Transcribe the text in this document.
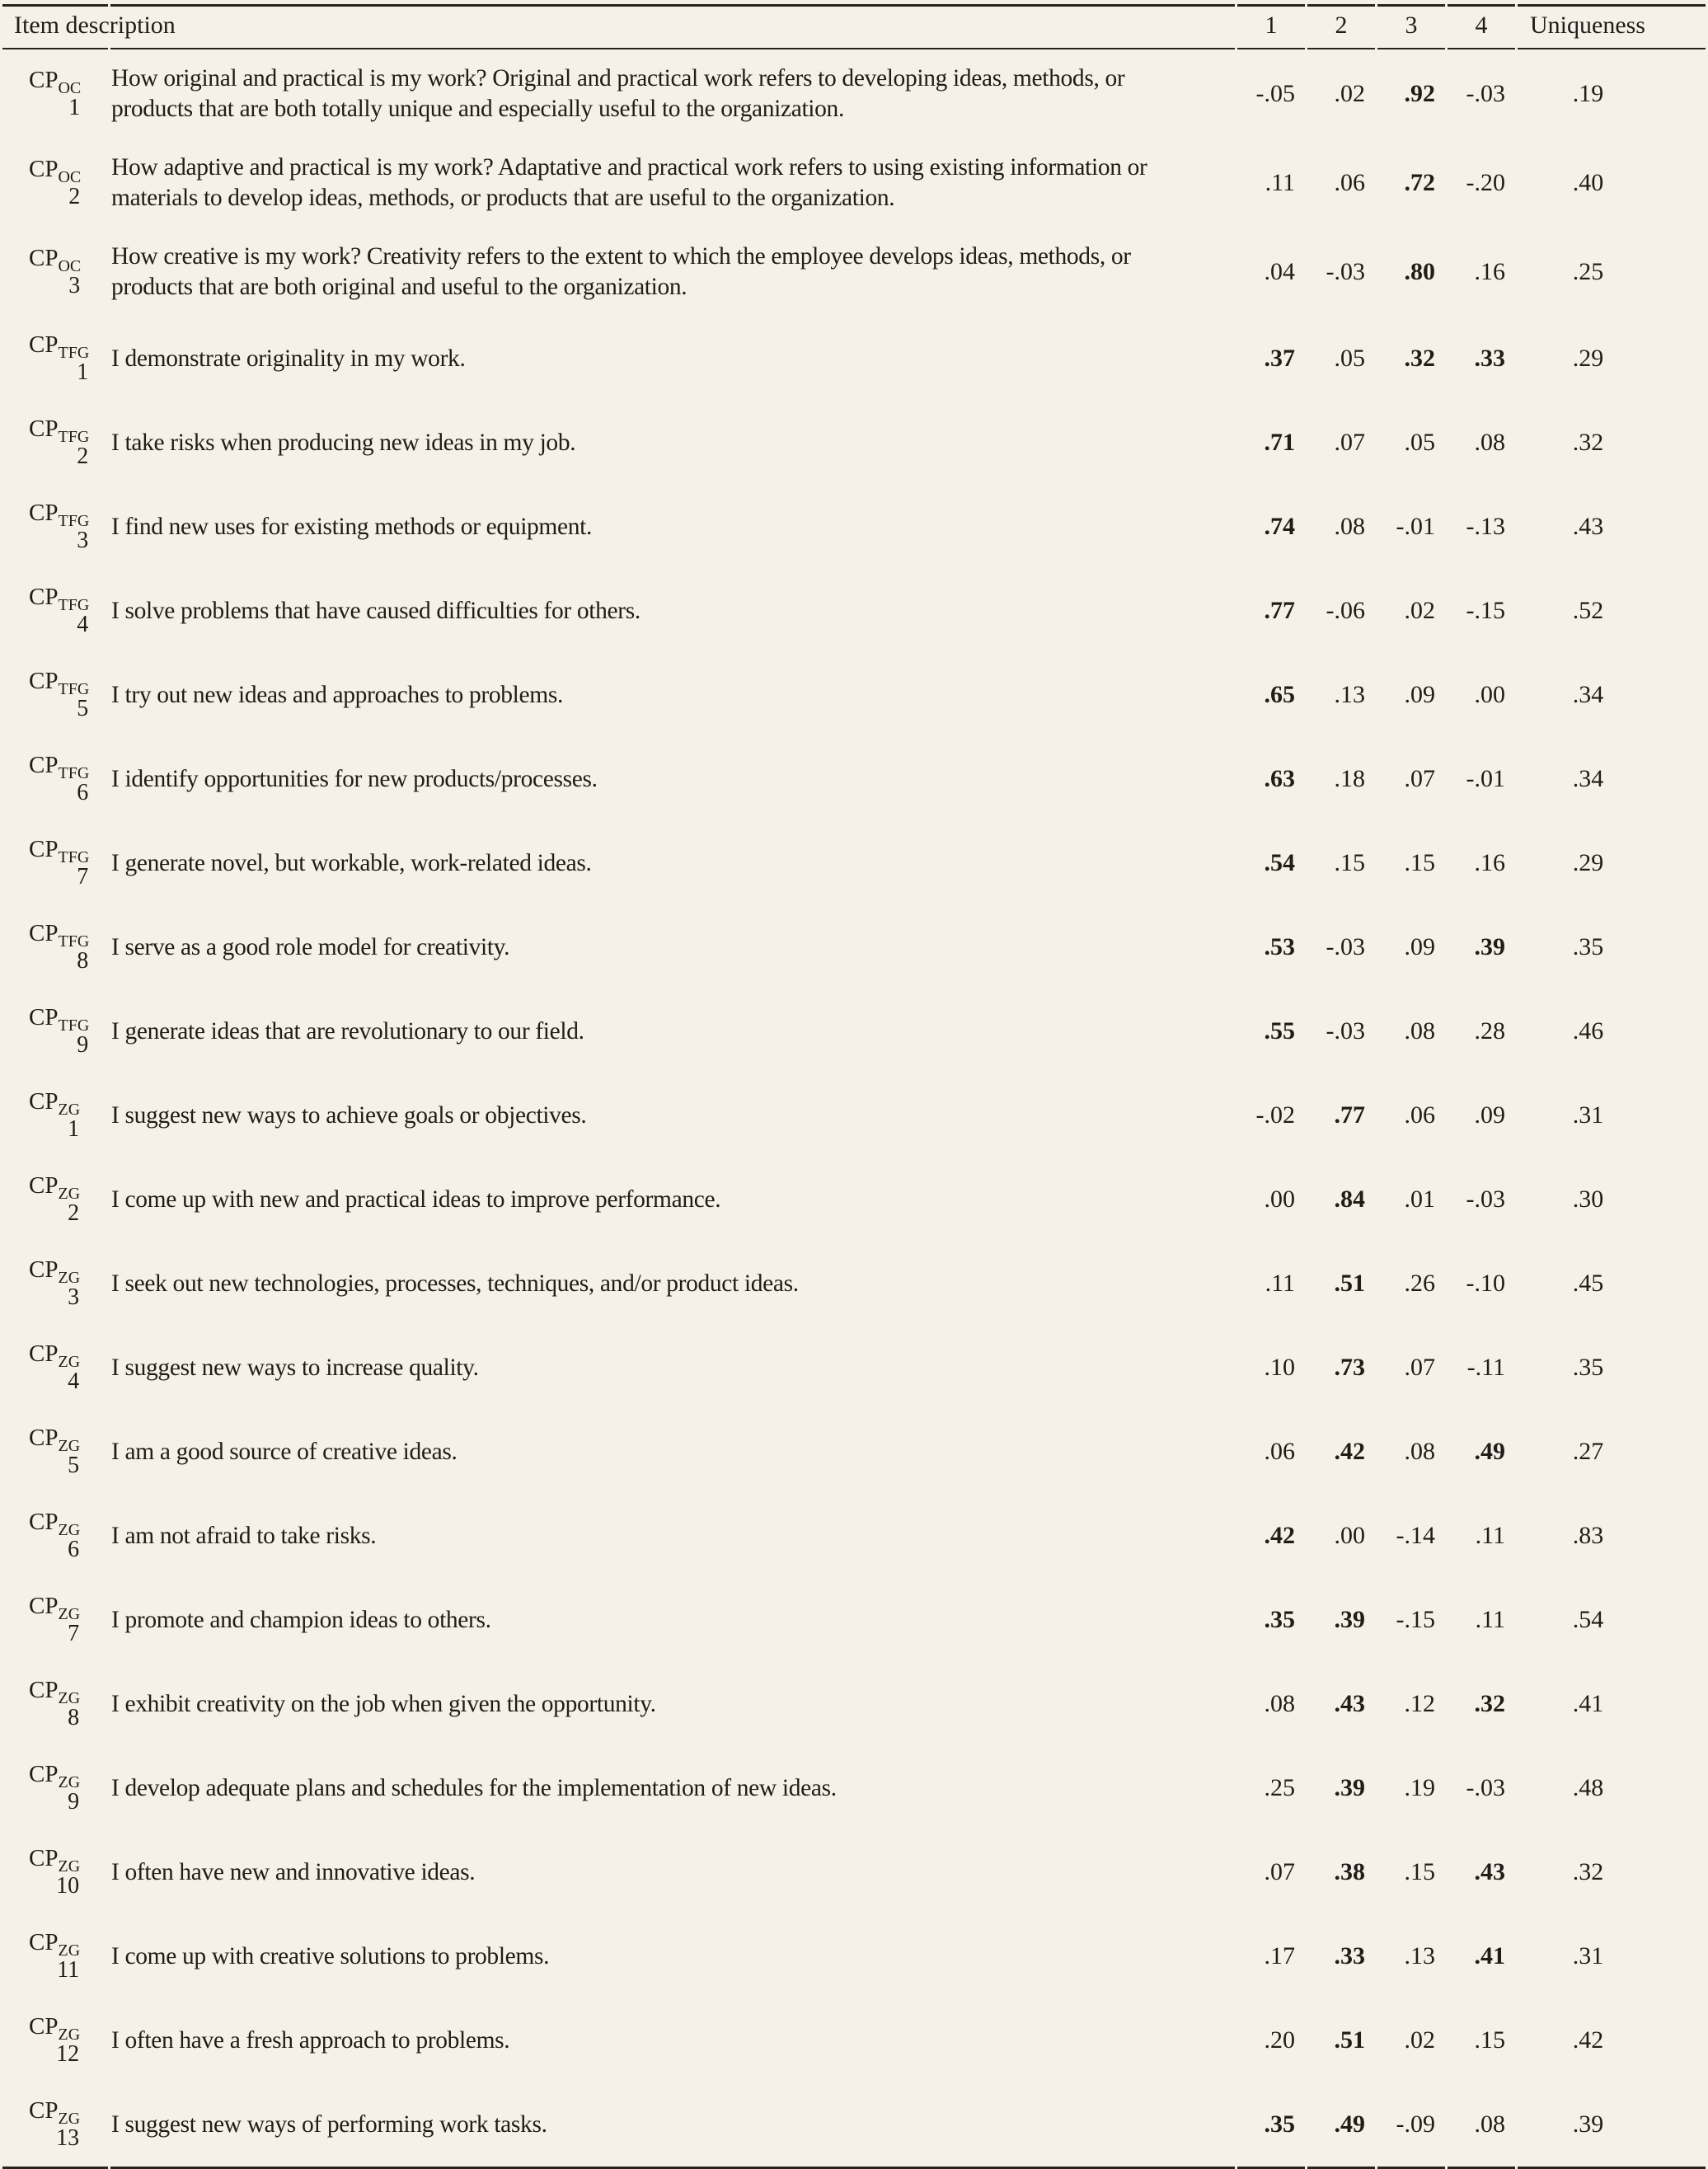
Item description		1	2	3	4	Uniqueness
$CP_{OC}$
1	How original and practical is my work? Original and practical work refers to developing ideas, methods, or products that are both totally unique and especially useful to the organization.	-.05	.02	.92	-.03	.19
$CP_{OC}$
2	How adaptive and practical is my work? Adaptative and practical work refers to using existing information or materials to develop ideas, methods, or products that are useful to the organization.	.11	.06	.72	-.20	.40
$CP_{OC}$
3	How creative is my work? Creativity refers to the extent to which the employee develops ideas, methods, or products that are both original and useful to the organization.	.04	-.03	.80	.16	.25
$CP_{TFG}$
1	I demonstrate originality in my work.	.37	.05	.32	.33	.29
$CP_{TFG}$
2	I take risks when producing new ideas in my job.	.71	.07	.05	.08	.32
$CP_{TFG}$
3	I find new uses for existing methods or equipment.	.74	.08	-.01	-.13	.43
$CP_{TFG}$
4	I solve problems that have caused difficulties for others.	.77	-.06	.02	-.15	.52
$CP_{TFG}$
5	I try out new ideas and approaches to problems.	.65	.13	.09	.00	.34
$CP_{TFG}$
6	I identify opportunities for new products/processes.	.63	.18	.07	-.01	.34
$CP_{TFG}$
7	I generate novel, but workable, work-related ideas.	.54	.15	.15	.16	.29
$CP_{TFG}$
8	I serve as a good role model for creativity.	.53	-.03	.09	.39	.35
$CP_{TFG}$
9	I generate ideas that are revolutionary to our field.	.55	-.03	.08	.28	.46
$CP_{ZG}$
1	I suggest new ways to achieve goals or objectives.	-.02	.77	.06	.09	.31
$CP_{ZG}$
2	I come up with new and practical ideas to improve performance.	.00	.84	.01	-.03	.30
$CP_{ZG}$
3	I seek out new technologies, processes, techniques, and/or product ideas.	.11	.51	.26	-.10	.45
$CP_{ZG}$
4	I suggest new ways to increase quality.	.10	.73	.07	-.11	.35
$CP_{ZG}$
5	I am a good source of creative ideas.	.06	.42	.08	.49	.27
$CP_{ZG}$
6	I am not afraid to take risks.	.42	.00	-.14	.11	.83
$CP_{ZG}$
7	I promote and champion ideas to others.	.35	.39	-.15	.11	.54
$CP_{ZG}$
8	I exhibit creativity on the job when given the opportunity.	.08	.43	.12	.32	.41
$CP_{ZG}$
9	I develop adequate plans and schedules for the implementation of new ideas.	.25	.39	.19	-.03	.48
$CP_{ZG}$
10	I often have new and innovative ideas.	.07	.38	.15	.43	.32
$CP_{ZG}$
11	I come up with creative solutions to problems.	.17	.33	.13	.41	.31
$CP_{ZG}$
12	I often have a fresh approach to problems.	.20	.51	.02	.15	.42
$CP_{ZG}$
13	I suggest new ways of performing work tasks.	.35	.49	-.09	.08	.39
